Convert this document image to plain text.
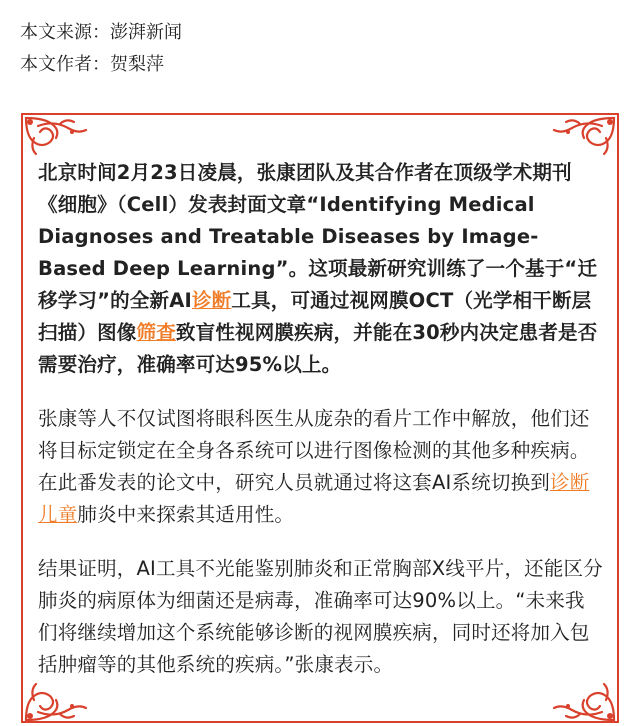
本文来源：澎湃新闻
本文作者：贺梨萍

北京时间2月23日凌晨，张康团队及其合作者在顶级学术期刊《细胞》（Cell）发表封面文章“Identifying Medical Diagnoses and Treatable Diseases by Image-Based Deep Learning”。这项最新研究训练了一个基于“迁移学习”的全新AI诊断工具，可通过视网膜OCT（光学相干断层扫描）图像筛查致盲性视网膜疾病，并能在30秒内决定患者是否需要治疗，准确率可达95%以上。

张康等人不仅试图将眼科医生从庞杂的看片工作中解放，他们还将目标定锁定在全身各系统可以进行图像检测的其他多种疾病。在此番发表的论文中，研究人员就通过将这套AI系统切换到诊断儿童肺炎中来探索其适用性。

结果证明，AI工具不光能鉴别肺炎和正常胸部X线平片，还能区分肺炎的病原体为细菌还是病毒，准确率可达90%以上。“未来我们将继续增加这个系统能够诊断的视网膜疾病，同时还将加入包括肿瘤等的其他系统的疾病。”张康表示。
